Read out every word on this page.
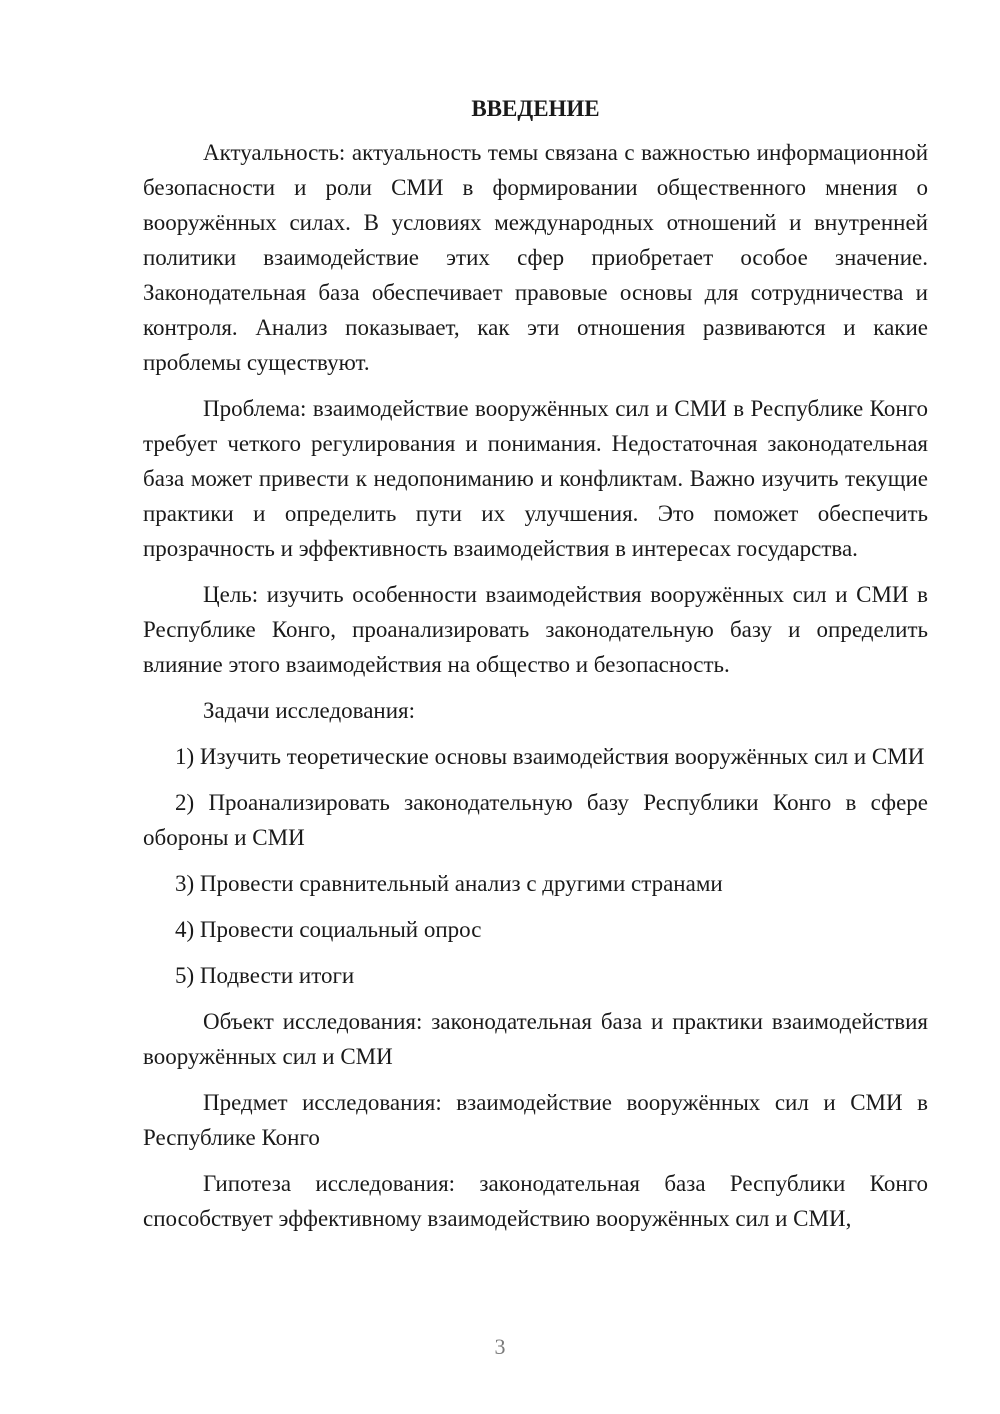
ВВЕДЕНИЕ

Актуальность: актуальность темы связана с важностью информационной безопасности и роли СМИ в формировании общественного мнения о вооружённых силах. В условиях международных отношений и внутренней политики взаимодействие этих сфер приобретает особое значение. Законодательная база обеспечивает правовые основы для сотрудничества и контроля. Анализ показывает, как эти отношения развиваются и какие проблемы существуют.

Проблема: взаимодействие вооружённых сил и СМИ в Республике Конго требует четкого регулирования и понимания. Недостаточная законодательная база может привести к недопониманию и конфликтам. Важно изучить текущие практики и определить пути их улучшения. Это поможет обеспечить прозрачность и эффективность взаимодействия в интересах государства.

Цель: изучить особенности взаимодействия вооружённых сил и СМИ в Республике Конго, проанализировать законодательную базу и определить влияние этого взаимодействия на общество и безопасность.

Задачи исследования:

1) Изучить теоретические основы взаимодействия вооружённых сил и СМИ

2) Проанализировать законодательную базу Республики Конго в сфере обороны и СМИ

3) Провести сравнительный анализ с другими странами

4) Провести социальный опрос

5) Подвести итоги

Объект исследования: законодательная база и практики взаимодействия вооружённых сил и СМИ

Предмет исследования: взаимодействие вооружённых сил и СМИ в Республике Конго

Гипотеза исследования: законодательная база Республики Конго способствует эффективному взаимодействию вооружённых сил и СМИ,

3
